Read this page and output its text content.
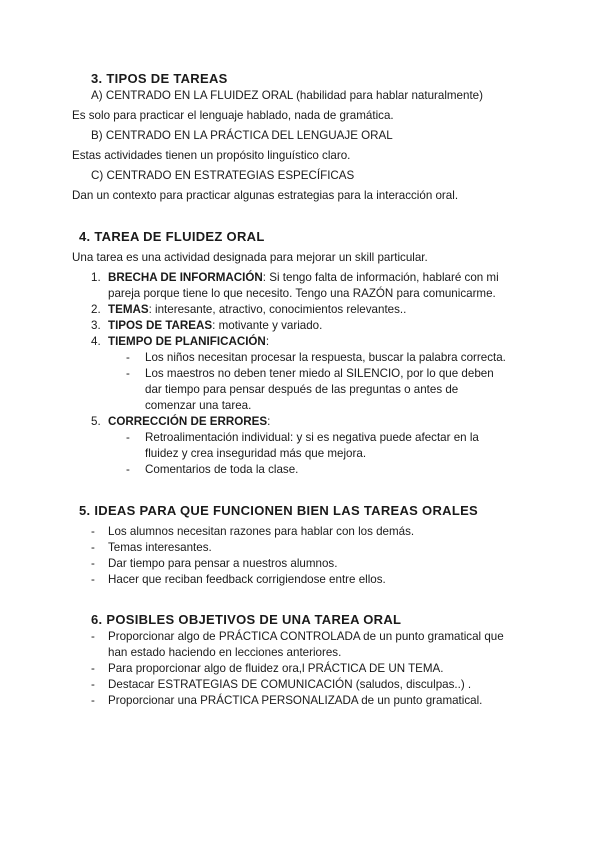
3. TIPOS DE TAREAS
A) CENTRADO EN LA FLUIDEZ ORAL (habilidad para hablar naturalmente)
Es solo para practicar el lenguaje hablado, nada de gramática.
B) CENTRADO EN LA PRÁCTICA DEL LENGUAJE ORAL
Estas actividades tienen un propósito linguístico claro.
C) CENTRADO EN ESTRATEGIAS ESPECÍFICAS
Dan un contexto para practicar algunas estrategias para la interacción oral.
4. TAREA DE FLUIDEZ ORAL
Una tarea es una actividad designada para mejorar un skill particular.
1. BRECHA DE INFORMACIÓN: Si tengo falta de información, hablaré con mi
pareja porque tiene lo que necesito. Tengo una RAZÓN para comunicarme.
2. TEMAS: interesante, atractivo, conocimientos relevantes..
3. TIPOS DE TAREAS: motivante y variado.
4. TIEMPO DE PLANIFICACIÓN:
- Los niños necesitan procesar la respuesta, buscar la palabra correcta.
- Los maestros no deben tener miedo al SILENCIO, por lo que deben
dar tiempo para pensar después de las preguntas o antes de
comenzar una tarea.
5. CORRECCIÓN DE ERRORES:
- Retroalimentación individual: y si es negativa puede afectar en la
fluidez y crea inseguridad más que mejora.
- Comentarios de toda la clase.
5. IDEAS PARA QUE FUNCIONEN BIEN LAS TAREAS ORALES
- Los alumnos necesitan razones para hablar con los demás.
- Temas interesantes.
- Dar tiempo para pensar a nuestros alumnos.
- Hacer que reciban feedback corrigiendose entre ellos.
6. POSIBLES OBJETIVOS DE UNA TAREA ORAL
- Proporcionar algo de PRÁCTICA CONTROLADA de un punto gramatical que
han estado haciendo en lecciones anteriores.
- Para proporcionar algo de fluidez ora,l PRÁCTICA DE UN TEMA.
- Destacar ESTRATEGIAS DE COMUNICACIÓN (saludos, disculpas..) .
- Proporcionar una PRÁCTICA PERSONALIZADA de un punto gramatical.
